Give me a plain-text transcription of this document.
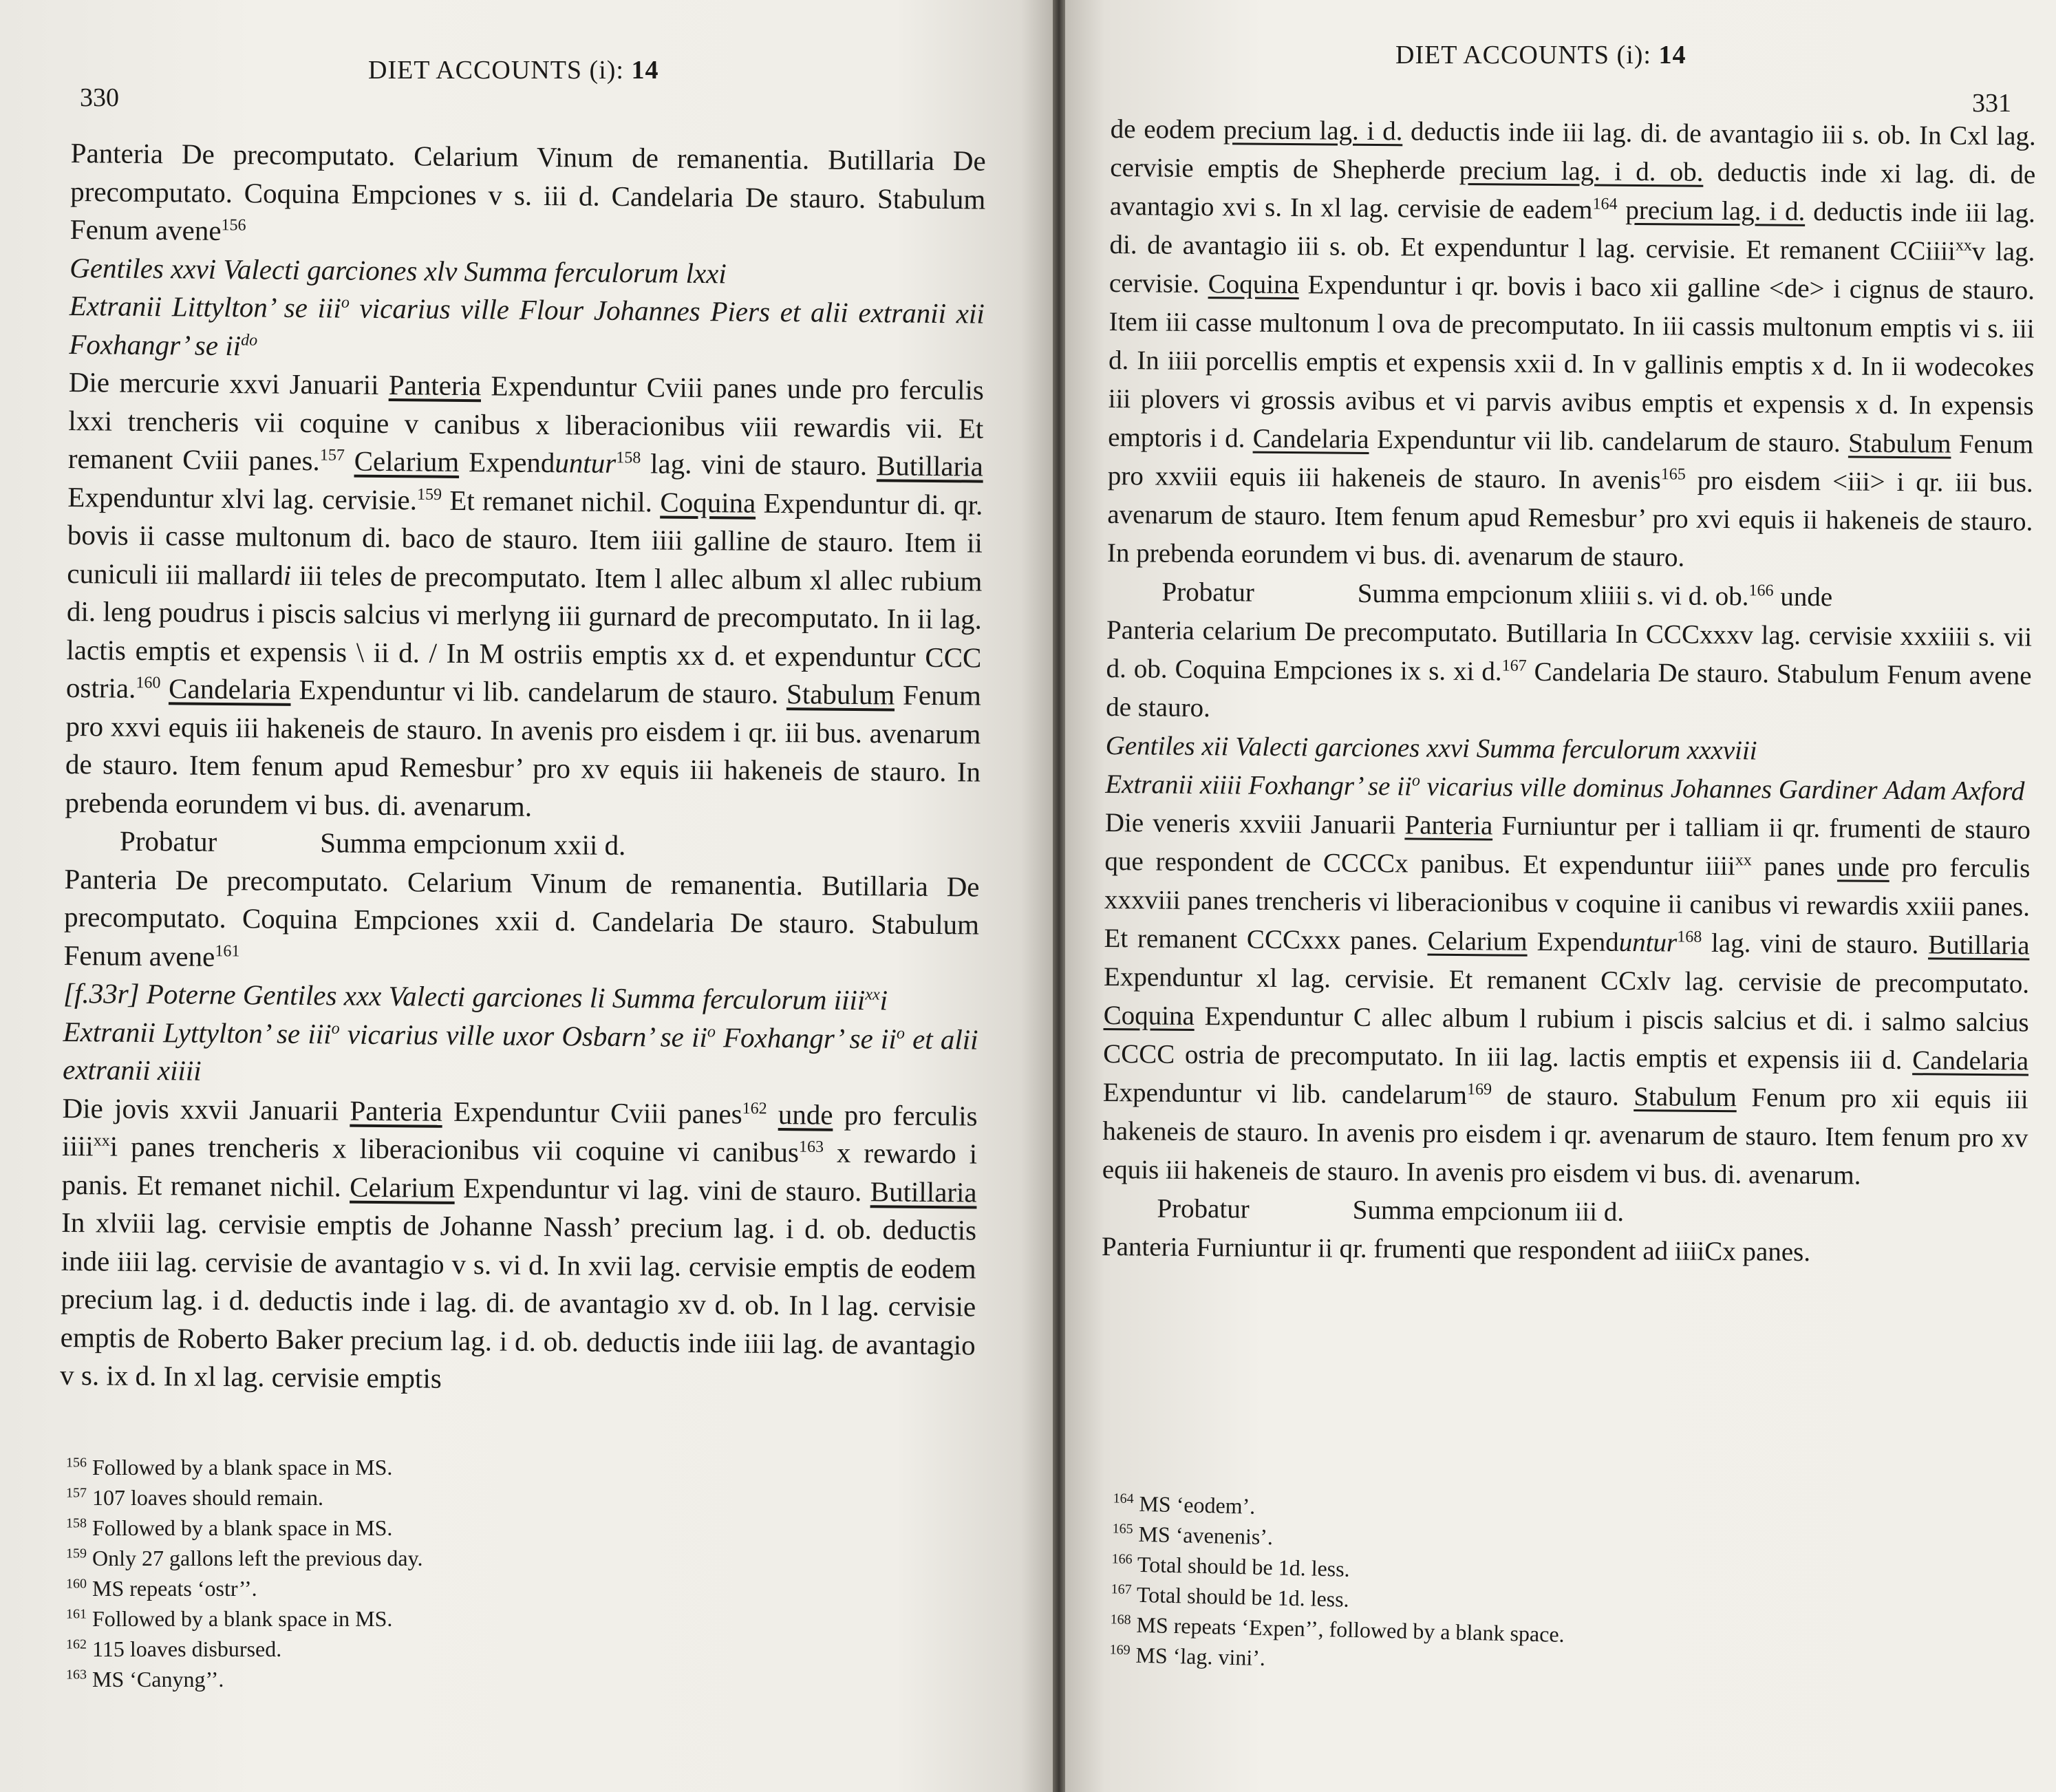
330
DIET ACCOUNTS (i): 14

Panteria De precomputato. Celarium Vinum de remanentia. Butillaria De precomputato. Coquina Empciones v s. iii d. Candelaria De stauro. Stabulum Fenum avene$^{156}$

Gentiles xxvi Valecti garciones xlv Summa ferculorum lxxi

Extranii Littylton’ se iii$^o$ vicarius ville Flour Johannes Piers et alii extranii xii Foxhangr’ se $ii^{do}$

Die mercurie xxvi Januarii Panteria Expenduntur Cviii panes unde pro ferculis lxxi trencheris vii coquine v canibus x liberacionibus viii rewardis vii. Et remanent Cviii panes.$^{157}$ Celarium Expenduntur$^{158}$ lag. vini de stauro. Butillaria Expenduntur xlvi lag. cervisie.$^{159}$ Et remanet nichil. Coquina Expenduntur di. qr. bovis ii casse multonum di. baco de stauro. Item iiii galline de stauro. Item ii cuniculi iii mallardi iii teles de precomputato. Item l allec album xl allec rubium di. leng poudrus i piscis salcius vi merlyng iii gurnard de precomputato. In ii lag. lactis emptis et expensis \ ii d. / In M ostriis emptis xx d. et expenduntur CCC ostria.$^{160}$ Candelaria Expenduntur vi lib. candelarum de stauro. Stabulum Fenum pro xxvi equis iii hakeneis de stauro. In avenis pro eisdem i qr. iii bus. avenarum de stauro. Item fenum apud Remesbur’ pro xv equis iii hakeneis de stauro. In prebenda eorundem vi bus. di. avenarum.

Probatur	Summa empcionum xxii d.

Panteria De precomputato. Celarium Vinum de remanentia. Butillaria De precomputato. Coquina Empciones xxii d. Candelaria De stauro. Stabulum Fenum avene$^{161}$

[f.33r] Poterne Gentiles xxx Valecti garciones li Summa ferculorum iiii$^{xx}$i

Extranii Lyttylton’ se iii$^o$ vicarius ville uxor Osbarn’ se $ii^o$ Foxhangr’ se $ii^o$ et alii extranii xiiii

Die jovis xxvii Januarii Panteria Expenduntur Cviii panes$^{162}$ unde pro ferculis iiii$^{xx}$i panes trencheris x liberacionibus vii coquine vi canibus$^{163}$ x rewardo i panis. Et remanet nichil. Celarium Expenduntur vi lag. vini de stauro. Butillaria In xlviii lag. cervisie emptis de Johanne Nassh’ precium lag. i d. ob. deductis inde iiii lag. cervisie de avantagio v s. vi d. In xvii lag. cervisie emptis de eodem precium lag. i d. deductis inde i lag. di. de avantagio xv d. ob. In l lag. cervisie emptis de Roberto Baker precium lag. i d. ob. deductis inde iiii lag. de avantagio v s. ix d. In xl lag. cervisie emptis

$^{156}$ Followed by a blank space in MS.
$^{157}$ 107 loaves should remain.
$^{158}$ Followed by a blank space in MS.
$^{159}$ Only 27 gallons left the previous day.
$^{160}$ MS repeats ‘ostr’’.
$^{161}$ Followed by a blank space in MS.
$^{162}$ 115 loaves disbursed.
$^{163}$ MS ‘Canyng’’.
331
DIET ACCOUNTS (i): 14

de eodem precium lag. i d. deductis inde iii lag. di. de avantagio iii s. ob. In Cxl lag. cervisie emptis de Shepherde precium lag. i d. ob. deductis inde xi lag. di. de avantagio xvi s. In xl lag. cervisie de eadem$^{164}$ precium lag. i d. deductis inde iii lag. di. de avantagio iii s. ob. Et expenduntur l lag. cervisie. Et remanent CCiiii$^{xx}$v lag. cervisie. Coquina Expenduntur i qr. bovis i baco xii galline <de> i cignus de stauro. Item iii casse multonum l ova de precomputato. In iii cassis multonum emptis vi s. iii d. In iiii porcellis emptis et expensis xxii d. In v gallinis emptis x d. In ii wodecokes iii plovers vi grossis avibus et vi parvis avibus emptis et expensis x d. In expensis emptoris i d. Candelaria Expenduntur vii lib. candelarum de stauro. Stabulum Fenum pro xxviii equis iii hakeneis de stauro. In avenis$^{165}$ pro eisdem <iii> i qr. iii bus. avenarum de stauro. Item fenum apud Remesbur’ pro xvi equis ii hakeneis de stauro. In prebenda eorundem vi bus. di. avenarum de stauro.

Probatur	Summa empcionum xliiii s. vi d. ob.$^{166}$ unde

Panteria celarium De precomputato. Butillaria In CCCxxxv lag. cervisie xxxiiii s. vii d. ob. Coquina Empciones ix s. xi d.$^{167}$ Candelaria De stauro. Stabulum Fenum avene de stauro.

Gentiles xii Valecti garciones xxvi Summa ferculorum xxxviii

Extranii xiiii Foxhangr’ se $ii^o$ vicarius ville dominus Johannes Gardiner Adam Axford

Die veneris xxviii Januarii Panteria Furniuntur per i talliam ii qr. frumenti de stauro que respondent de CCCCx panibus. Et expenduntur iiii$^{xx}$ panes unde pro ferculis xxxviii panes trencheris vi liberacionibus v coquine ii canibus vi rewardis xxiii panes. Et remanent CCCxxx panes. Celarium Expenduntur$^{168}$ lag. vini de stauro. Butillaria Expenduntur xl lag. cervisie. Et remanent CCxlv lag. cervisie de precomputato. Coquina Expenduntur C allec album l rubium i piscis salcius et di. i salmo salcius CCCC ostria de precomputato. In iii lag. lactis emptis et expensis iii d. Candelaria Expenduntur vi lib. candelarum$^{169}$ de stauro. Stabulum Fenum pro xii equis iii hakeneis de stauro. In avenis pro eisdem i qr. avenarum de stauro. Item fenum pro xv equis iii hakeneis de stauro. In avenis pro eisdem vi bus. di. avenarum.

Probatur	Summa empcionum iii d.

Panteria Furniuntur ii qr. frumenti que respondent ad iiiiCx panes.

$^{164}$ MS ‘eodem’.
$^{165}$ MS ‘avenenis’.
$^{166}$ Total should be 1d. less.
$^{167}$ Total should be 1d. less.
$^{168}$ MS repeats ‘Expen’’, followed by a blank space.
$^{169}$ MS ‘lag. vini’.
